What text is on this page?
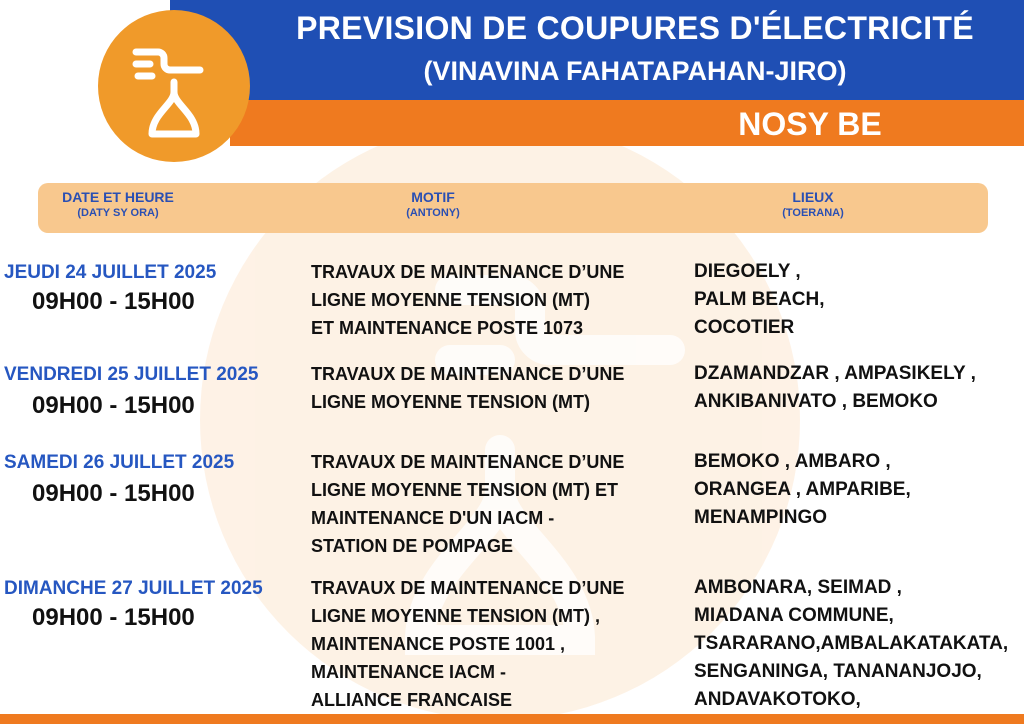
PREVISION DE COUPURES D'ÉLECTRICITÉ
(VINAVINA FAHATAPAHAN-JIRO)
NOSY BE
DATE ET HEURE
(DATY SY ORA)
MOTIF
(ANTONY)
LIEUX
(TOERANA)
JEUDI 24 JUILLET 2025
09H00 - 15H00
TRAVAUX DE MAINTENANCE D’UNE
LIGNE MOYENNE TENSION (MT)
ET MAINTENANCE POSTE 1073
DIEGOELY ,
PALM BEACH,
COCOTIER
VENDREDI 25 JUILLET 2025
09H00 - 15H00
TRAVAUX DE MAINTENANCE D’UNE
LIGNE MOYENNE TENSION (MT)
DZAMANDZAR , AMPASIKELY ,
ANKIBANIVATO , BEMOKO
SAMEDI 26 JUILLET 2025
09H00 - 15H00
TRAVAUX DE MAINTENANCE D’UNE
LIGNE MOYENNE TENSION (MT) ET
MAINTENANCE D'UN IACM -
STATION DE POMPAGE
BEMOKO , AMBARO ,
ORANGEA , AMPARIBE,
MENAMPINGO
DIMANCHE 27 JUILLET 2025
09H00 - 15H00
TRAVAUX DE MAINTENANCE D’UNE
LIGNE MOYENNE TENSION (MT) ,
MAINTENANCE POSTE 1001 ,
MAINTENANCE IACM -
ALLIANCE FRANCAISE
AMBONARA, SEIMAD ,
MIADANA COMMUNE,
TSARARANO,AMBALAKATAKATA,
SENGANINGA, TANANANJOJO,
ANDAVAKOTOKO,
